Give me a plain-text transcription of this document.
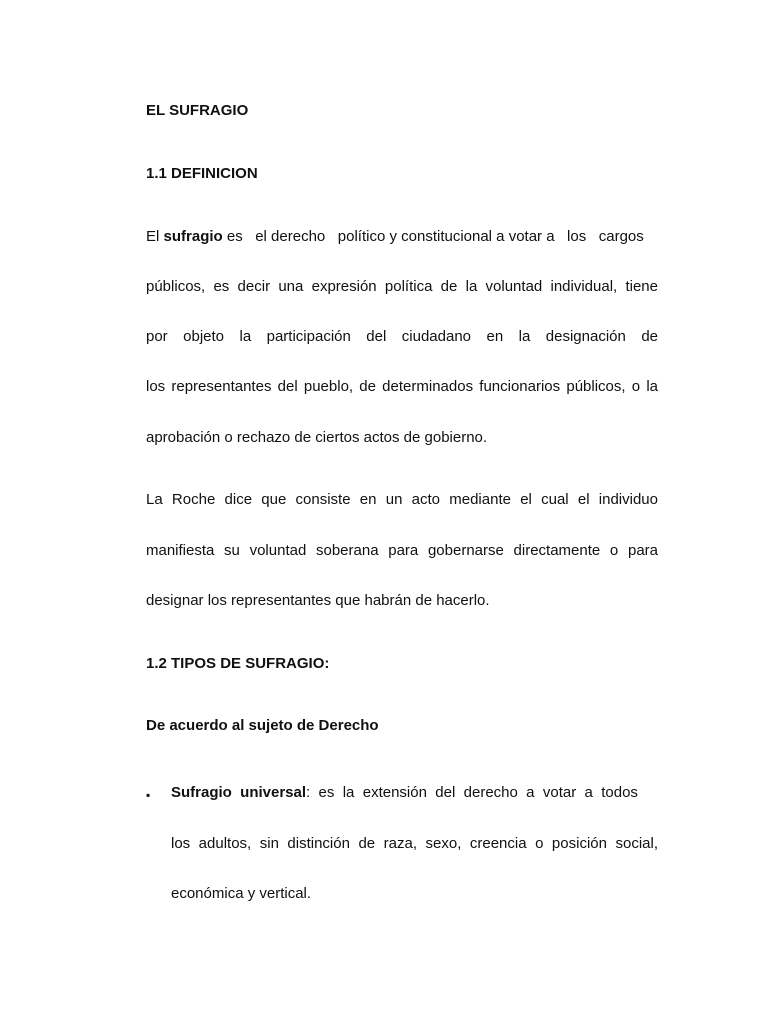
EL SUFRAGIO
1.1 DEFINICION
El sufragio es   el derecho   político y constitucional a votar a   los   cargos
públicos, es decir una expresión política de la voluntad individual, tiene
por objeto la participación del ciudadano en la designación de
los representantes del pueblo, de determinados funcionarios públicos, o la
aprobación o rechazo de ciertos actos de gobierno.
La Roche dice que consiste en un acto mediante el cual el individuo
manifiesta su voluntad soberana para gobernarse directamente o para
designar los representantes que habrán de hacerlo.
1.2 TIPOS DE SUFRAGIO:
De acuerdo al sujeto de Derecho
▪	Sufragio  universal:  es  la  extensión  del  derecho  a  votar  a  todos
los adultos, sin distinción de raza, sexo, creencia o posición social,
económica y vertical.
